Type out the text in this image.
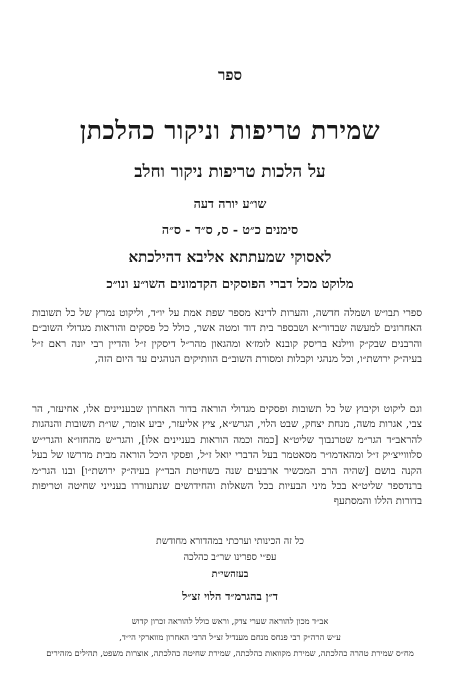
ספר
שמירת טריפות וניקור כהלכתן
על הלכות טריפות ניקור וחלב
שו״ע יורה דעה
סימנים כ״ט - ס, ס״ד - ס״ה
לאסוקי שמעתתא אליבא דהילכתא
מלוקט מכל דברי הפוסקים הקדמונים השו״ע ונו״כ
ספרי תבו״ש ושמלה חדשה, והערות לדינא מספר שפת אמת על יו״ד, וליקוט נמרץ של כל תשובות האחרונים למעשה שבדור״א ושבספר בית דוד ומטה אשר, כולל כל פסקים והוראות מגדולי השוב״ם והרבנים שבק״ק ווילנא בריסק קובנא לומז׳א ומהגאון מהר״ל דיסקין ז״ל והדיין רבי יונה ראם ז״ל בעיה״ק ירושת״ו, וכל מנהגי וקבלות ומסורת השוב״ם הוותיקים הנוהגים עד היום הזה,
וגם ליקוט וקיבוץ של כל תשובות ופסקים מגדולי הוראה בדור האחרון שבעניינים אלו, אחיעזר, הר צבי, אגרות משה, מנחת יצחק, שבט הלוי, הגרש״א, ציץ אליעזר, יביע אומר, שו״ת תשובות והנהגות להראב״ד הגר״מ שטרנבוך שליט״א [כמה וכמה הוראות בעניינים אלו], והגר״ש מהחזו״א והגרי״ש סלוווייצ׳יק ז״ל ומהאדמו״ר מסאטמר בעל הדברי יואל ז״ל, ופסקי היכל הוראה מבית מדרשו של בעל הקנה בושם [שהיה הרב המכשיר ארבעים שנה בשחיטת הבד״ץ בעיה״ק ירושת״ו] ובנו הגר״מ ברנדספר שליט״א בכל מיני הבעיות בכל השאלות והחידושים שנתעוררו בענייני שחיטה וטריפות בדורות הללו והמסתעף
כל זה הכינותי וערכתי במהדורא מחודשת
עפ״י ספרינו שר״ב כהלכה
בעזהשי״ת
ד״ן בהגרמ״ד הלוי זצ״ל
אב״ד מכון להוראה שערי צדק, וראש כולל להוראה זכרון קדוש
ע״ש הרה״ק רבי פנחס מנחם מענדיל זצ״ל הרבי האחרון מווארקי הי״ד,
מח״ס שמירת טהרה כהלכתה, שמירת מקוואות כהלכתה, שמירת שחיטה כהלכתה, אוצרות משפט, תהילים מזהירים
